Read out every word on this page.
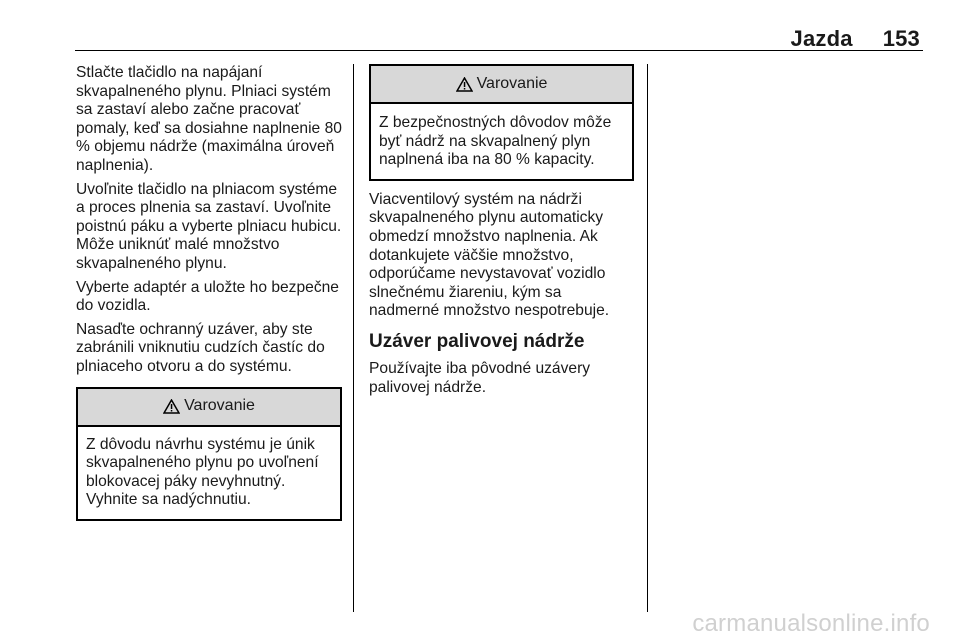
Jazda 153

Stlačte tlačidlo na napájaní skvapalneného plynu. Plniaci systém sa zastaví alebo začne pracovať pomaly, keď sa dosiahne naplnenie 80 % objemu nádrže (maximálna úroveň naplnenia).

Uvoľnite tlačidlo na plniacom systéme a proces plnenia sa zastaví. Uvoľnite poistnú páku a vyberte plniacu hubicu. Môže uniknúť malé množstvo skvapalneného plynu.

Vyberte adaptér a uložte ho bezpečne do vozidla.

Nasaďte ochranný uzáver, aby ste zabránili vniknutiu cudzích častíc do plniaceho otvoru a do systému.

Varovanie
Z dôvodu návrhu systému je únik skvapalneného plynu po uvoľnení blokovacej páky nevyhnutný. Vyhnite sa nadýchnutiu.
Varovanie
Z bezpečnostných dôvodov môže byť nádrž na skvapalnený plyn naplnená iba na 80 % kapacity.

Viacventilový systém na nádrži skvapalneného plynu automaticky obmedzí množstvo naplnenia. Ak dotankujete väčšie množstvo, odporúčame nevystavovať vozidlo slnečnému žiareniu, kým sa nadmerné množstvo nespotrebuje.

Uzáver palivovej nádrže

Používajte iba pôvodné uzávery palivovej nádrže.

carmanualsonline.info
